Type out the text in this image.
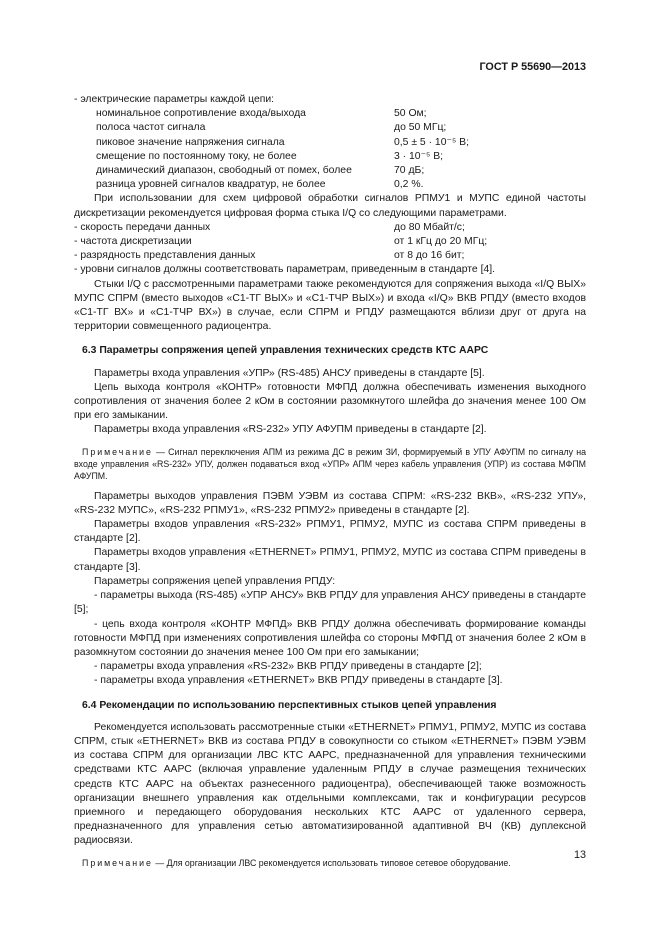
ГОСТ Р 55690—2013

- электрические параметры каждой цепи:

номинальное сопротивление входа/выхода	50 Ом;
полоса частот сигнала	до 50 МГц;
пиковое значение напряжения сигнала	0,5 ± 5 · 10⁻⁵ В;
смещение по постоянному току, не более	3 · 10⁻⁵ В;
динамический диапазон, свободный от помех, более	70 дБ;
разница уровней сигналов квадратур, не более	0,2 %.

При использовании для схем цифровой обработки сигналов РПМУ1 и МУПС единой частоты дискретизации рекомендуется цифровая форма стыка I/Q со следующими параметрами.

- скорость передачи данных	до 80 Мбайт/с;
- частота дискретизации	от 1 кГц до 20 МГц;
- разрядность представления данных	от 8 до 16 бит;

- уровни сигналов должны соответствовать параметрам, приведенным в стандарте [4].

Стыки I/Q с рассмотренными параметрами также рекомендуются для сопряжения выхода «I/Q ВЫХ» МУПС СПРМ (вместо выходов «С1-ТГ ВЫХ» и «С1-ТЧР ВЫХ») и входа «I/Q» ВКВ РПДУ (вместо входов «С1-ТГ ВХ» и «С1-ТЧР ВХ») в случае, если СПРМ и РПДУ размещаются вблизи друг от друга на территории совмещенного радиоцентра.

6.3 Параметры сопряжения цепей управления технических средств КТС ААРС

Параметры входа управления «УПР» (RS-485) АНСУ приведены в стандарте [5].

Цепь выхода контроля «КОНТР» готовности МФПД должна обеспечивать изменения выходного сопротивления от значения более 2 кОм в состоянии разомкнутого шлейфа до значения менее 100 Ом при его замыкании.

Параметры входа управления «RS-232» УПУ АФУПМ приведены в стандарте [2].

Примечание — Сигнал переключения АПМ из режима ДС в режим ЗИ, формируемый в УПУ АФУПМ по сигналу на входе управления «RS-232» УПУ, должен подаваться вход «УПР» АПМ через кабель управления (УПР) из состава МФПМ АФУПМ.

Параметры выходов управления ПЭВМ УЭВМ из состава СПРМ: «RS-232 ВКВ», «RS-232 УПУ», «RS-232 МУПС», «RS-232 РПМУ1», «RS-232 РПМУ2» приведены в стандарте [2].

Параметры входов управления «RS-232» РПМУ1, РПМУ2, МУПС из состава СПРМ приведены в стандарте [2].

Параметры входов управления «ETHERNET» РПМУ1, РПМУ2, МУПС из состава СПРМ приведены в стандарте [3].

Параметры сопряжения цепей управления РПДУ:

- параметры выхода (RS-485) «УПР АНСУ» ВКВ РПДУ для управления АНСУ приведены в стандарте [5];

- цепь входа контроля «КОНТР МФПД» ВКВ РПДУ должна обеспечивать формирование команды готовности МФПД при изменениях сопротивления шлейфа со стороны МФПД от значения более 2 кОм в разомкнутом состоянии до значения менее 100 Ом при его замыкании;

- параметры входа управления «RS-232» ВКВ РПДУ приведены в стандарте [2];

- параметры входа управления «ETHERNET» ВКВ РПДУ приведены в стандарте [3].

6.4 Рекомендации по использованию перспективных стыков цепей управления

Рекомендуется использовать рассмотренные стыки «ETHERNET» РПМУ1, РПМУ2, МУПС из состава СПРМ, стык «ETHERNET» ВКВ из состава РПДУ в совокупности со стыком «ETHERNET» ПЭВМ УЭВМ из состава СПРМ для организации ЛВС КТС ААРС, предназначенной для управления техническими средствами КТС ААРС (включая управление удаленным РПДУ в случае размещения технических средств КТС ААРС на объектах разнесенного радиоцентра), обеспечивающей также возможность организации внешнего управления как отдельными комплексами, так и конфигурации ресурсов приемного и передающего оборудования нескольких КТС ААРС от удаленного сервера, предназначенного для управления сетью автоматизированной адаптивной ВЧ (КВ) дуплексной радиосвязи.

Примечание — Для организации ЛВС рекомендуется использовать типовое сетевое оборудование.
13
